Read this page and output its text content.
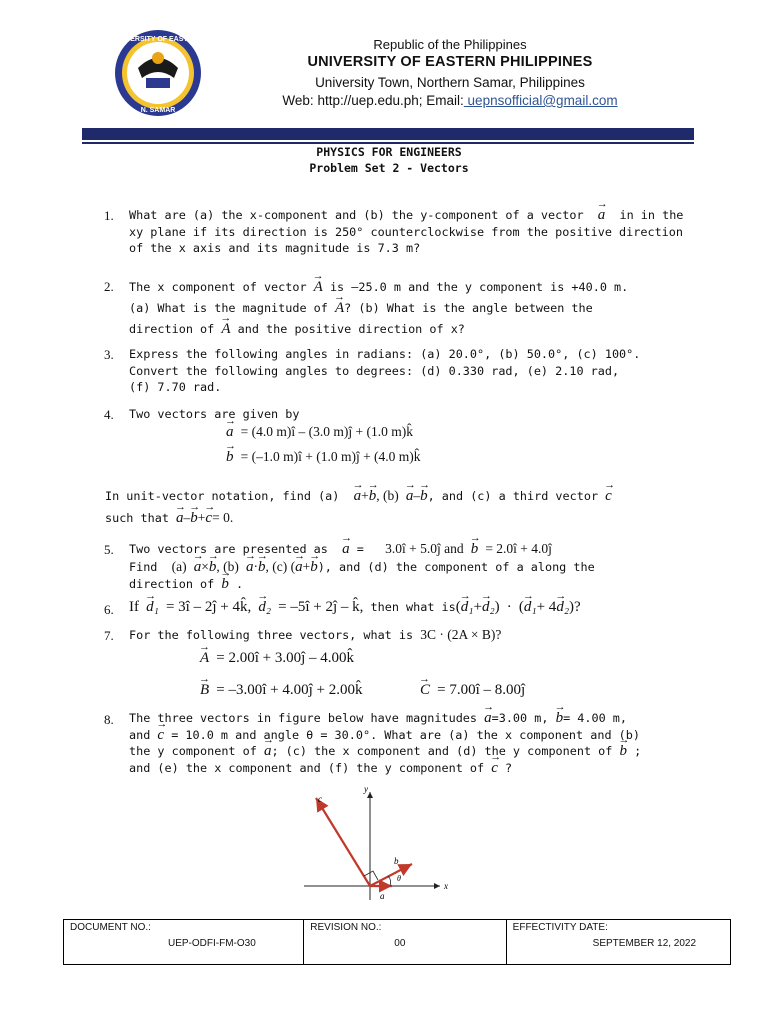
UNIVERSITY OF EASTERN
N. SAMAR
Republic of the Philippines
UNIVERSITY OF EASTERN PHILIPPINES
University Town, Northern Samar, Philippines
Web: http://uep.edu.ph; Email: uepnsofficial@gmail.com
PHYSICS FOR ENGINEERS
Problem Set 2 - Vectors
1. What are (a) the x-component and (b) the y-component of a vector → a  in in the xy plane if its direction is 250° counterclockwise from the positive direction of the x axis and its magnitude is 7.3 m?
2. The x component of vector → A is –25.0 m and the y component is +40.0 m.
(a) What is the magnitude of → A? (b) What is the angle between the
direction of → A and the positive direction of x?
3. Express the following angles in radians: (a) 20.0°, (b) 50.0°, (c) 100°.
Convert the following angles to degrees: (d) 0.330 rad, (e) 2.10 rad,
(f) 7.70 rad.
4. Two vectors are given by
→ a = (4.0 m)î – (3.0 m)ĵ + (1.0 m)k̂
→ b = (–1.0 m)î + (1.0 m)ĵ + (4.0 m)k̂
In unit-vector notation, find (a) → a+→ b, (b) → a–→ b, and (c) a third vector → c
such that → a–→ b+→ c= 0.
5. Two vectors are presented as → a =   3.0î + 5.0ĵ and → b = 2.0î + 4.0ĵ
Find (a) → a×→ b, (b) → a·→ b, (c) (→ a+→ b), and (d) the component of a along the
direction of → b .
6. If → d₁ = 3î – 2ĵ + 4k̂, → d₂ = –5î + 2ĵ – k̂, then what is(→ d₁+→ d₂) · (→ d₁+ 4→ d₂)?
7. For the following three vectors, what is 3C · (2A × B)?
→ A = 2.00î + 3.00ĵ – 4.00k̂
→ B = –3.00î + 4.00ĵ + 2.00k̂	→ C = 7.00î – 8.00ĵ
8. The three vectors in figure below have magnitudes → a=3.00 m, → b= 4.00 m,
and → c = 10.0 m and angle θ = 30.0°. What are (a) the x component and (b)
the y component of → a; (c) the x component and (d) the y component of → b ;
and (e) the x component and (f) the y component of → c ?
y
x
c
b
a
θ
DOCUMENT NO.:
UEP-ODFI-FM-O30
REVISION NO.:
00
EFFECTIVITY DATE:
SEPTEMBER 12, 2022
